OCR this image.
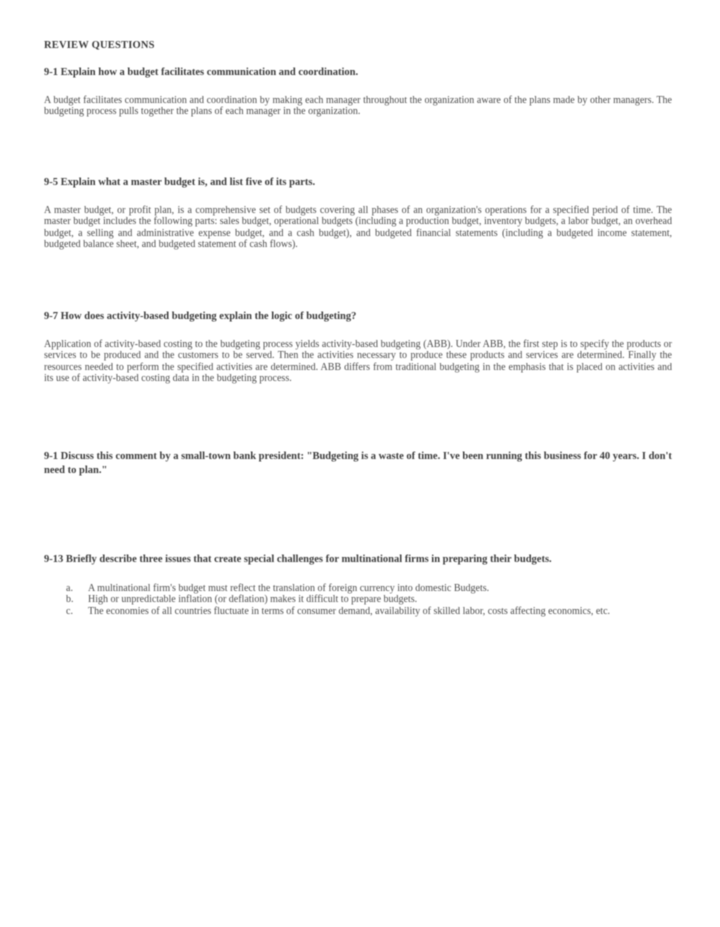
REVIEW QUESTIONS

9-1 Explain how a budget facilitates communication and coordination.

A budget facilitates communication and coordination by making each manager throughout the organization aware of the plans made by other managers. The budgeting process pulls together the plans of each manager in the organization.

9-5 Explain what a master budget is, and list five of its parts.

A master budget, or profit plan, is a comprehensive set of budgets covering all phases of an organization's operations for a specified period of time. The master budget includes the following parts: sales budget, operational budgets (including a production budget, inventory budgets, a labor budget, an overhead budget, a selling and administrative expense budget, and a cash budget), and budgeted financial statements (including a budgeted income statement, budgeted balance sheet, and budgeted statement of cash flows).

9-7 How does activity-based budgeting explain the logic of budgeting?

Application of activity-based costing to the budgeting process yields activity-based budgeting (ABB). Under ABB, the first step is to specify the products or services to be produced and the customers to be served. Then the activities necessary to produce these products and services are determined. Finally the resources needed to perform the specified activities are determined. ABB differs from traditional budgeting in the emphasis that is placed on activities and its use of activity-based costing data in the budgeting process.

9-1 Discuss this comment by a small-town bank president: "Budgeting is a waste of time. I've been running this business for 40 years. I don't need to plan."

9-13 Briefly describe three issues that create special challenges for multinational firms in preparing their budgets.

a. A multinational firm's budget must reflect the translation of foreign currency into domestic Budgets.
b. High or unpredictable inflation (or deflation) makes it difficult to prepare budgets.
c. The economies of all countries fluctuate in terms of consumer demand, availability of skilled labor, costs affecting economics, etc.
